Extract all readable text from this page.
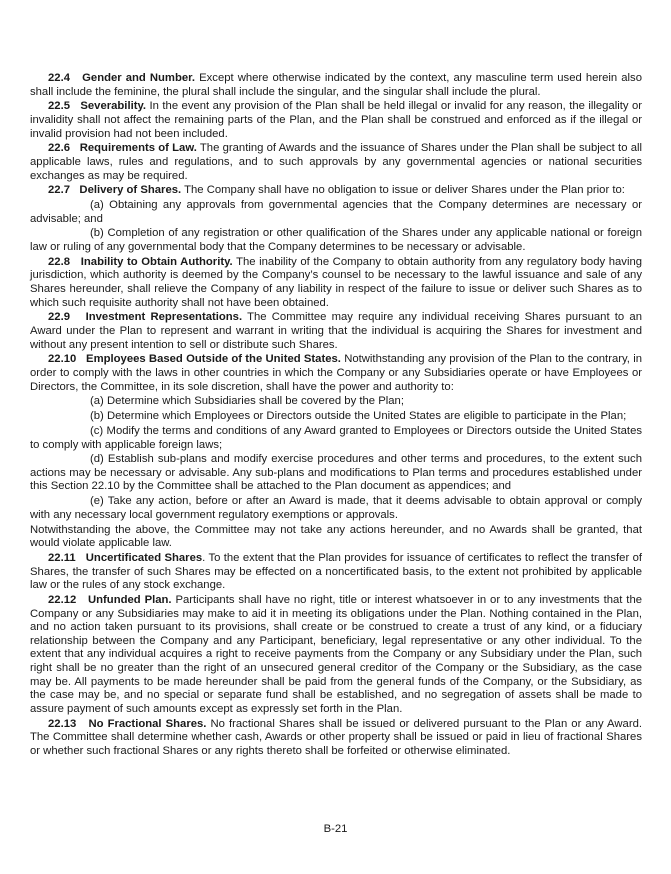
22.4 Gender and Number. Except where otherwise indicated by the context, any masculine term used herein also shall include the feminine, the plural shall include the singular, and the singular shall include the plural.

22.5 Severability. In the event any provision of the Plan shall be held illegal or invalid for any reason, the illegality or invalidity shall not affect the remaining parts of the Plan, and the Plan shall be construed and enforced as if the illegal or invalid provision had not been included.

22.6 Requirements of Law. The granting of Awards and the issuance of Shares under the Plan shall be subject to all applicable laws, rules and regulations, and to such approvals by any governmental agencies or national securities exchanges as may be required.

22.7 Delivery of Shares. The Company shall have no obligation to issue or deliver Shares under the Plan prior to:

(a) Obtaining any approvals from governmental agencies that the Company determines are necessary or advisable; and

(b) Completion of any registration or other qualification of the Shares under any applicable national or foreign law or ruling of any governmental body that the Company determines to be necessary or advisable.

22.8 Inability to Obtain Authority. The inability of the Company to obtain authority from any regulatory body having jurisdiction, which authority is deemed by the Company’s counsel to be necessary to the lawful issuance and sale of any Shares hereunder, shall relieve the Company of any liability in respect of the failure to issue or deliver such Shares as to which such requisite authority shall not have been obtained.

22.9 Investment Representations. The Committee may require any individual receiving Shares pursuant to an Award under the Plan to represent and warrant in writing that the individual is acquiring the Shares for investment and without any present intention to sell or distribute such Shares.

22.10 Employees Based Outside of the United States. Notwithstanding any provision of the Plan to the contrary, in order to comply with the laws in other countries in which the Company or any Subsidiaries operate or have Employees or Directors, the Committee, in its sole discretion, shall have the power and authority to:

(a) Determine which Subsidiaries shall be covered by the Plan;

(b) Determine which Employees or Directors outside the United States are eligible to participate in the Plan;

(c) Modify the terms and conditions of any Award granted to Employees or Directors outside the United States to comply with applicable foreign laws;

(d) Establish sub-plans and modify exercise procedures and other terms and procedures, to the extent such actions may be necessary or advisable. Any sub-plans and modifications to Plan terms and procedures established under this Section 22.10 by the Committee shall be attached to the Plan document as appendices; and

(e) Take any action, before or after an Award is made, that it deems advisable to obtain approval or comply with any necessary local government regulatory exemptions or approvals.

Notwithstanding the above, the Committee may not take any actions hereunder, and no Awards shall be granted, that would violate applicable law.

22.11 Uncertificated Shares. To the extent that the Plan provides for issuance of certificates to reflect the transfer of Shares, the transfer of such Shares may be effected on a noncertificated basis, to the extent not prohibited by applicable law or the rules of any stock exchange.

22.12 Unfunded Plan. Participants shall have no right, title or interest whatsoever in or to any investments that the Company or any Subsidiaries may make to aid it in meeting its obligations under the Plan. Nothing contained in the Plan, and no action taken pursuant to its provisions, shall create or be construed to create a trust of any kind, or a fiduciary relationship between the Company and any Participant, beneficiary, legal representative or any other individual. To the extent that any individual acquires a right to receive payments from the Company or any Subsidiary under the Plan, such right shall be no greater than the right of an unsecured general creditor of the Company or the Subsidiary, as the case may be. All payments to be made hereunder shall be paid from the general funds of the Company, or the Subsidiary, as the case may be, and no special or separate fund shall be established, and no segregation of assets shall be made to assure payment of such amounts except as expressly set forth in the Plan.

22.13 No Fractional Shares. No fractional Shares shall be issued or delivered pursuant to the Plan or any Award. The Committee shall determine whether cash, Awards or other property shall be issued or paid in lieu of fractional Shares or whether such fractional Shares or any rights thereto shall be forfeited or otherwise eliminated.

B-21
